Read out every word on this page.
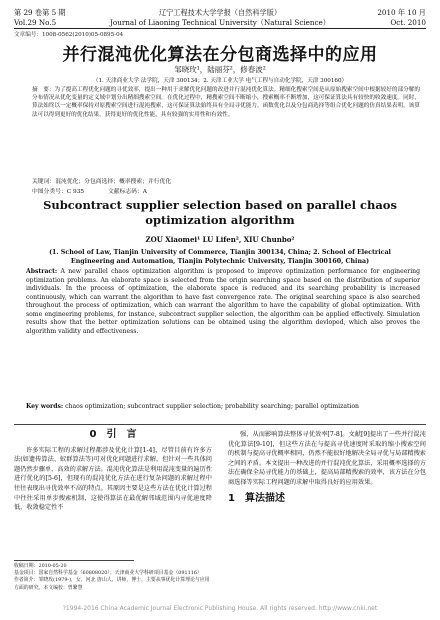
第 29 卷第 5 期	辽宁工程技术大学学报（自然科学版）	2010 年 10 月
Vol.29 No.5	Journal of Liaoning Technical University（Natural Science）	Oct. 2010
文章编号：1008-0562(2010)05-0895-04
并行混沌优化算法在分包商选择中的应用
邹晓玫¹，陆丽芬²，修春波²
（1. 天津商业大学 法学院，天津 300134；2. 天津工业大学 电气工程与自动化学院，天津 300160）
摘　要：为了提高工程优化问题的寻优效率，提出一种用于求解优化问题的改进并行混沌优化算法。精细化搜索空间是从原始搜索空间中根据较好的部分解的分布情况从优化变量的定义域中划分出精细搜索空间。在优化过程中，精搜索空间不断缩小，搜索概率不断增加，这可保证算法具有较快的收敛速度。同时，算法始终以一定概率保持对原搜索空间进行混沌搜索，这可保证算法始终具有全局寻优能力。函数优化以及分包商选择等组合优化问题的仿真结果表明，该算法可以得到更好的优化结果，获得更好的优化性能，具有较强的实用性和有效性。
关键词：混沌优化；分包商选择；概率搜索；并行优化
中图分类号：C 935	文献标志码：A
Subcontract supplier selection based on parallel chaos optimization algorithm
ZOU Xiaomei¹ LU Lifen², XIU Chunbo²
(1. School of Law, Tianjin University of Commerce, Tianjin 300134, China; 2. School of Electrical Engineering and Automation, Tianjin Polytechnic University, Tianjin 300160, China)
Abstract: A new parallel chaos optimization algorithm is proposed to improve optimization performance for engineering optimization problems. An elaborate space is selected from the origin searching space based on the distribution of superior individuals. In the process of optimization, the elaborate space is reduced and its searching probability is increased continuously, which can warrant the algorithm to have fast convergence rate. The original searching space is also searched throughout the process of optimization, which can warrant the algorithm to have the capability of global optimization. With some engineering problems, for instance, subcontract supplier selection, the algorithm can be applied effectively. Simulation results show that the better optimization solutions can be obtained using the algorithm devloped, which also proves the algorithm validity and effectiveness.
Key words: chaos optimization; subcontract supplier selection; probability searching; parallel optimization
0　引　言

许多实际工程的求解过程都涉及优化计算[1-4]，尽管目前有许多方法(如遗传算法、蚁群算法等)可对优化问题进行求解，但针对一些具体问题仍然步骤单、高效的求解方法。混沌优化算法是利用混沌变量的遍历性进行优化的[5-6]，但现有的混沌优化方法在进行复杂问题的求解过程中往往表现出寻优效率不高的特点。其原因主要是这些方法在优化计算过程中往往采用单步搜索机制，这使得算法在最优解邻域范围内寻优速度降低，收敛稳定性不

强，从而影响算法整体寻优效率[7-8]。文献[9]提出了一些并行混沌优化算法[9-10]，但这些方法在与提高寻优速度时采取的缩小搜索空间的机制与提高寻优概率相同，仍然不能很好地解决全局寻优与局部精搜索之间的矛盾。本文提出一种改进的并行混沌优化算法，采用概率选择的方法在确保全局寻优能力的基础上，提高局部精搜索的效率，该方法在分包商选择等实际工程问题的求解中取得良好的应用效果。

1　算法描述
收稿日期：2010-05-20
基金项目：国家自然科学基金（60808020）；天津商业大学科研项目基金（091116）
作者简介：邹晓玫(1979-)，女，河北 唐山人，讲师，博士，主要从事优化计算理论与应用方面的研究。本文编校：曾繁慧
?1994-2016 China Academic Journal Electronic Publishing House. All rights reserved. http://www.cnki.net
